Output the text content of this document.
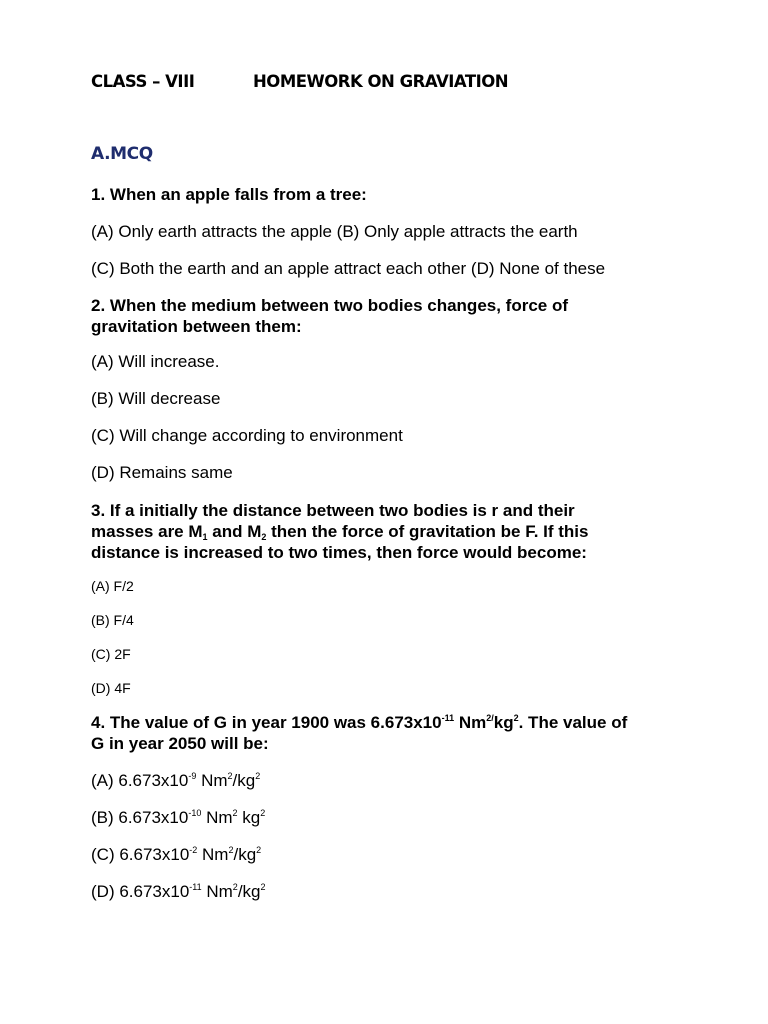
CLASS – VIII	HOMEWORK ON GRAVIATION
A.MCQ
1. When an apple falls from a tree:
(A) Only earth attracts the apple (B) Only apple attracts the earth
(C) Both the earth and an apple attract each other (D) None of these
2. When the medium between two bodies changes, force of
gravitation between them:
(A) Will increase.
(B) Will decrease
(C) Will change according to environment
(D) Remains same
3. If a initially the distance between two bodies is r and their
masses are $M_1$ and $M_2$ then the force of gravitation be F. If this
distance is increased to two times, then force would become:
(A) F/2
(B) F/4
(C) 2F
(D) 4F
4. The value of G in year 1900 was $6.673x10^{-11}$ $Nm^{2/}kg^2$. The value of
G in year 2050 will be:
(A) $6.673x10^{-9}$ $Nm^2/kg^2$
(B) $6.673x10^{-10}$ Nm$^2$ $kg^2$
(C) $6.673x10^{-2}$ $Nm^2/kg^2$
(D) $6.673x10^{-11}$ $Nm^2/kg^2$
